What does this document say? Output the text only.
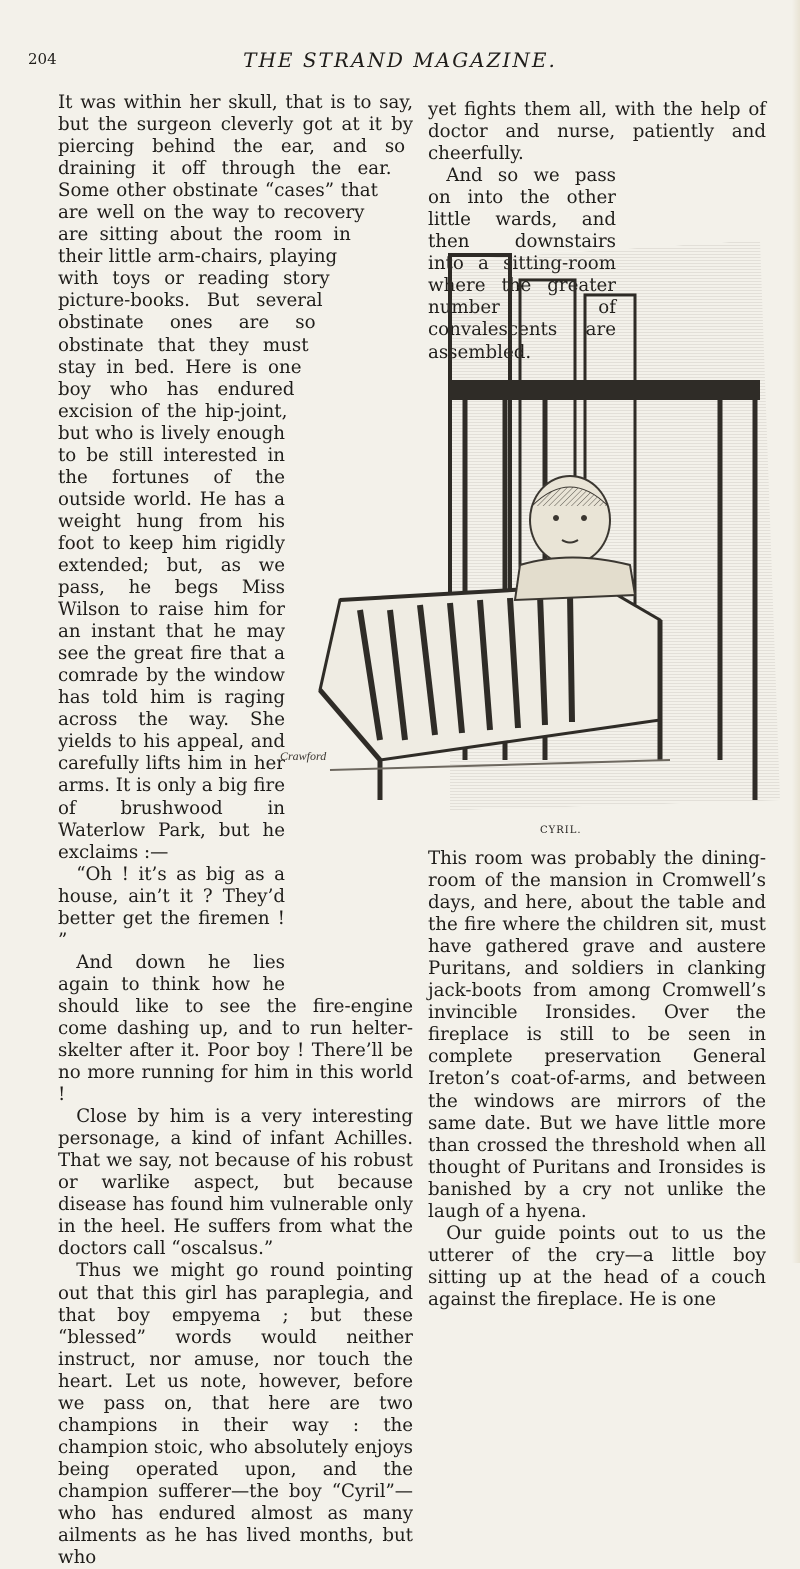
204	THE STRAND MAGAZINE.

It was within her skull, that is to say, but the surgeon cleverly got at it by piercing behind the ear, and so draining it off through the ear. Some other obstinate “cases” that are well on the way to recovery are sitting about the room in their little arm-chairs, playing with toys or reading story picture-books. But several obstinate ones are so obstinate that they must stay in bed. Here is one boy who has endured excision of the hip-joint, but who is lively enough to be still interested in the fortunes of the outside world. He has a weight hung from his foot to keep him rigidly extended; but, as we pass, he begs Miss Wilson to raise him for an instant that he may see the great fire that a comrade by the window has told him is raging across the way. She yields to his appeal, and carefully lifts him in her arms. It is only a big fire of brushwood in Waterlow Park, but he exclaims :—

“Oh ! it’s as big as a house, ain’t it ? They’d better get the firemen ! ”

And down he lies again to think how he should like to see the fire-engine come dashing up, and to run helter-skelter after it. Poor boy ! There’ll be no more running for him in this world !

Close by him is a very interesting personage, a kind of infant Achilles. That we say, not because of his robust or warlike aspect, but because disease has found him vulnerable only in the heel. He suffers from what the doctors call “oscalsus.”

Thus we might go round pointing out that this girl has paraplegia, and that boy empyema ; but these “blessed” words would neither instruct, nor amuse, nor touch the heart. Let us note, however, before we pass on, that here are two champions in their way : the champion stoic, who absolutely enjoys being operated upon, and the champion sufferer—the boy “Cyril”—who has endured almost as many ailments as he has lived months, but who

yet fights them all, with the help of doctor and nurse, patiently and cheerfully.

And so we pass on into the other little wards, and then downstairs into a sitting-room where the greater number of convalescents are assembled.

Crawford
CYRIL.

This room was probably the dining-room of the mansion in Cromwell’s days, and here, about the table and the fire where the children sit, must have gathered grave and austere Puritans, and soldiers in clanking jack-boots from among Cromwell’s invincible Ironsides. Over the fireplace is still to be seen in complete preservation General Ireton’s coat-of-arms, and between the windows are mirrors of the same date. But we have little more than crossed the threshold when all thought of Puritans and Ironsides is banished by a cry not unlike the laugh of a hyena.

Our guide points out to us the utterer of the cry—a little boy sitting up at the head of a couch against the fireplace. He is one
